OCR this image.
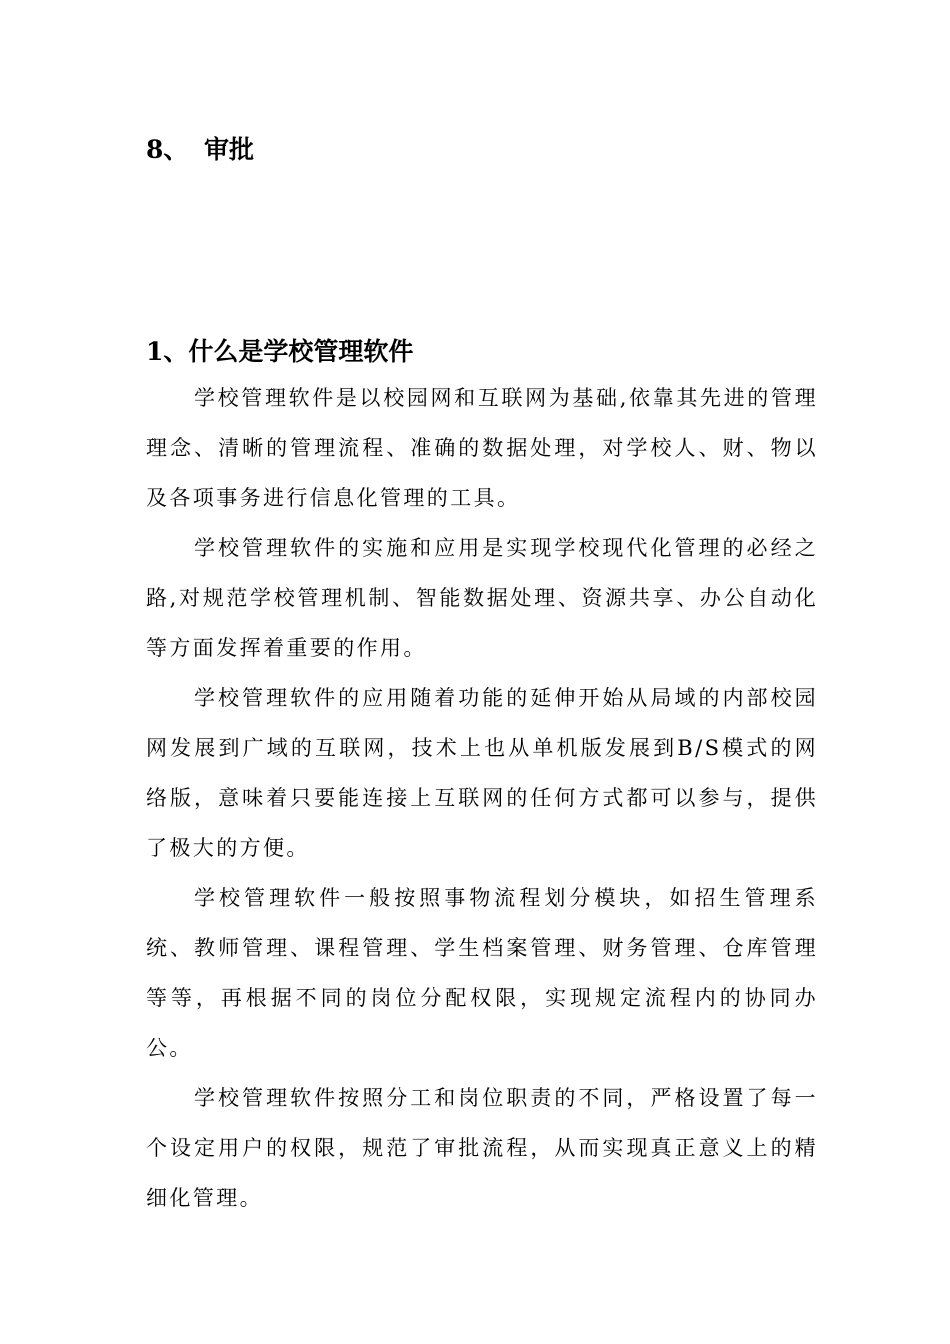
8、 审批
1、什么是学校管理软件

学校管理软件是以校园网和互联网为基础,依靠其先进的管理理念、清晰的管理流程、准确的数据处理，对学校人、财、物以及各项事务进行信息化管理的工具。

学校管理软件的实施和应用是实现学校现代化管理的必经之路,对规范学校管理机制、智能数据处理、资源共享、办公自动化等方面发挥着重要的作用。

学校管理软件的应用随着功能的延伸开始从局域的内部校园网发展到广域的互联网，技术上也从单机版发展到B/S模式的网络版，意味着只要能连接上互联网的任何方式都可以参与，提供了极大的方便。

学校管理软件一般按照事物流程划分模块，如招生管理系统、教师管理、课程管理、学生档案管理、财务管理、仓库管理等等，再根据不同的岗位分配权限，实现规定流程内的协同办公。

学校管理软件按照分工和岗位职责的不同，严格设置了每一个设定用户的权限，规范了审批流程，从而实现真正意义上的精细化管理。
